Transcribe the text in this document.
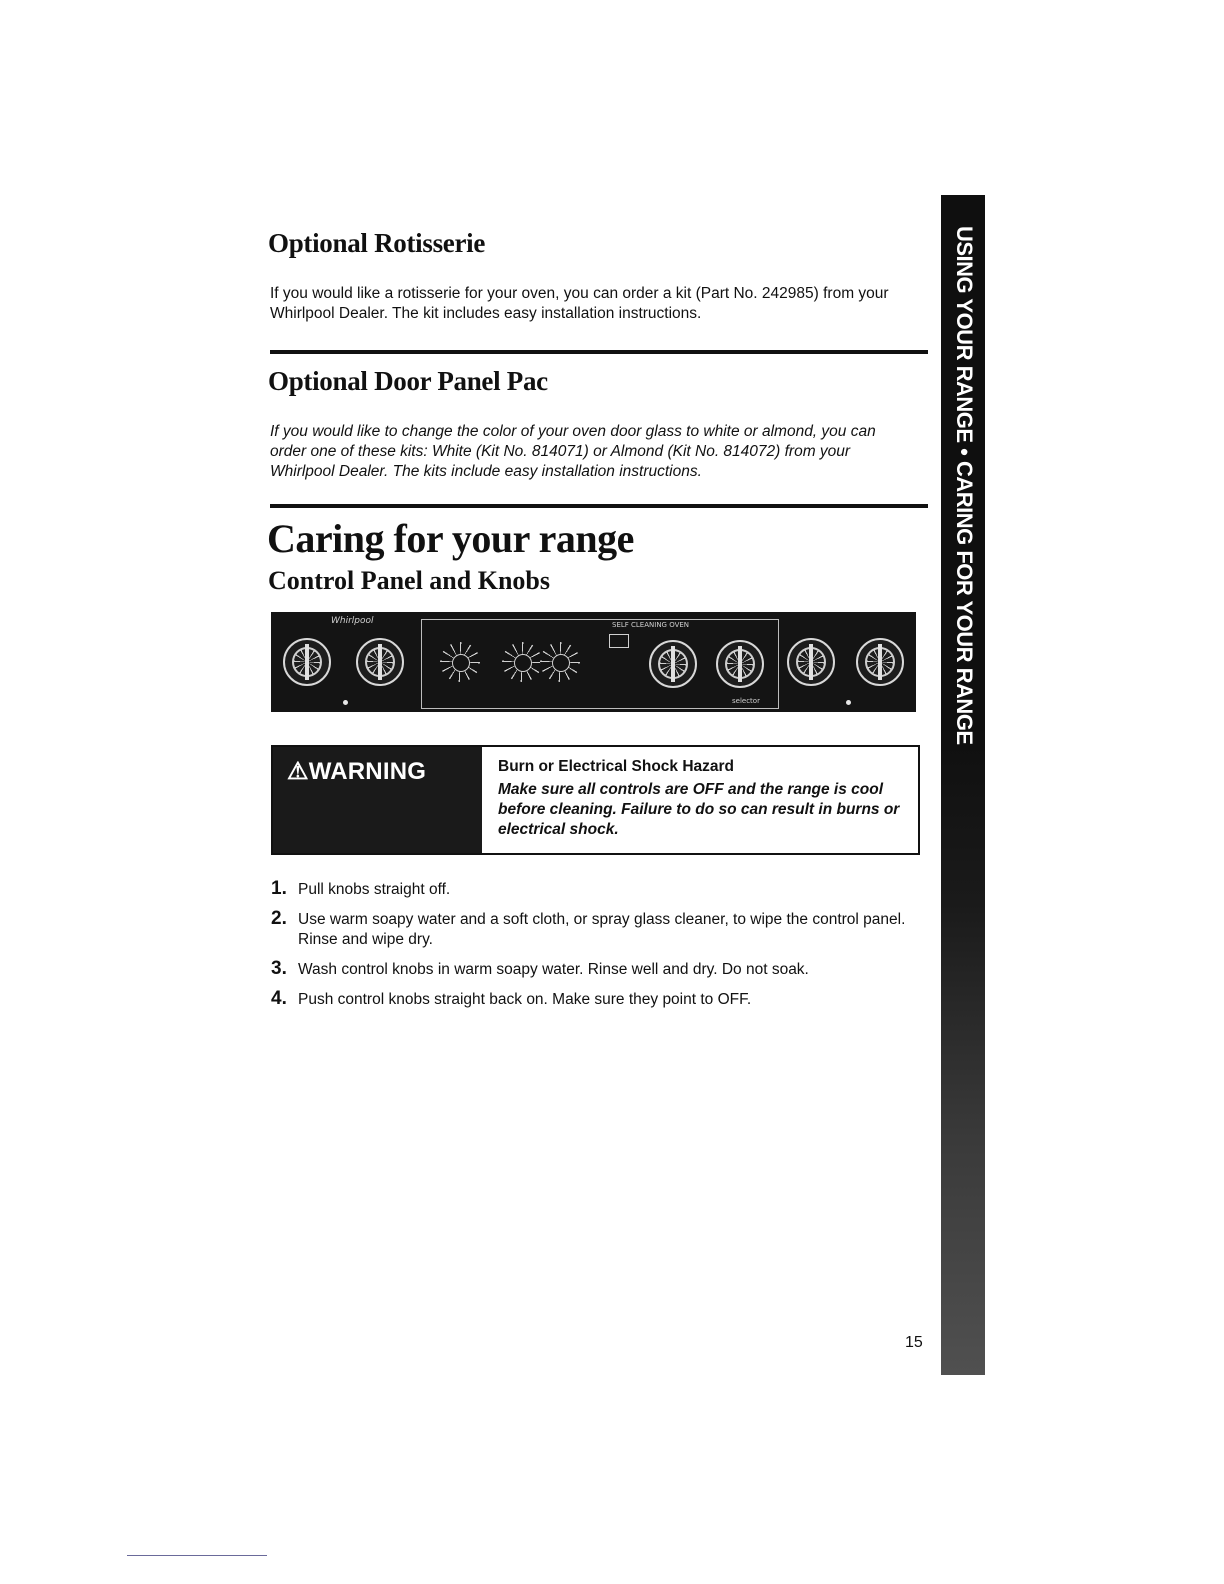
Optional Rotisserie

If you would like a rotisserie for your oven, you can order a kit (Part No. 242985) from your Whirlpool Dealer. The kit includes easy installation instructions.

Optional Door Panel Pac

If you would like to change the color of your oven door glass to white or almond, you can order one of these kits: White (Kit No. 814071) or Almond (Kit No. 814072) from your Whirlpool Dealer. The kits include easy installation instructions.

Caring for your range
Control Panel and Knobs
Whirlpool	SELF CLEANING OVEN
selector
⚠WARNING	Burn or Electrical Shock Hazard
Make sure all controls are OFF and the range is cool before cleaning. Failure to do so can result in burns or electrical shock.
1. Pull knobs straight off.
2. Use warm soapy water and a soft cloth, or spray glass cleaner, to wipe the control panel. Rinse and wipe dry.
3. Wash control knobs in warm soapy water. Rinse well and dry. Do not soak.
4. Push control knobs straight back on. Make sure they point to OFF.
USING YOUR RANGE • CARING FOR YOUR RANGE
15
